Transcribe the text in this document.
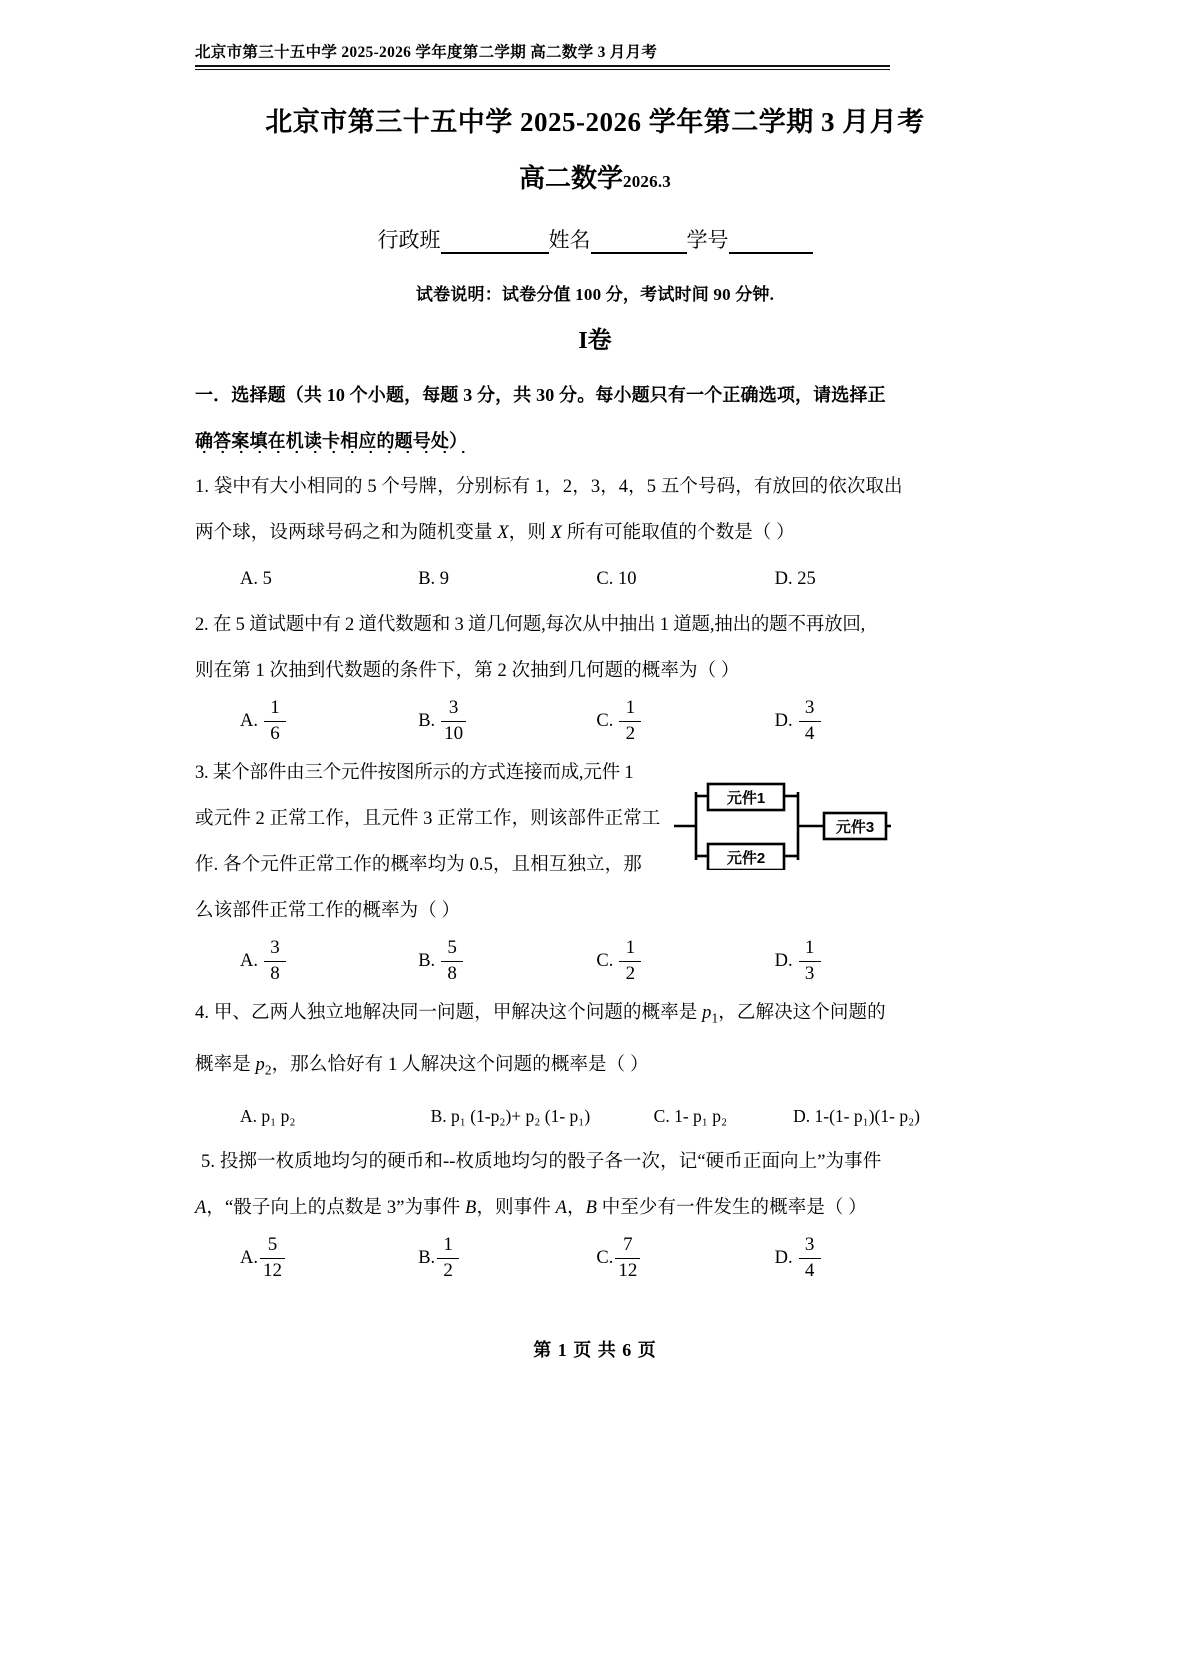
北京市第三十五中学 2025-2026 学年度第二学期 高二数学 3 月月考
北京市第三十五中学 2025-2026 学年第二学期 3 月月考
高二数学2026.3
行政班	姓名	学号
试卷说明：试卷分值 100 分，考试时间 90 分钟.
I卷
一．选择题（共 10 个小题，每题 3 分，共 30 分。每小题只有一个正确选项，请选择正
确答案填在机读卡相应的题号处）
1. 袋中有大小相同的 5 个号牌，分别标有 1，2，3，4，5 五个号码，有放回的依次取出
两个球，设两球号码之和为随机变量 X，则 X 所有可能取值的个数是（ ）
A. 5	B. 9	C. 10	D. 25
2. 在 5 道试题中有 2 道代数题和 3 道几何题,每次从中抽出 1 道题,抽出的题不再放回,
则在第 1 次抽到代数题的条件下，第 2 次抽到几何题的概率为（ ）
A. $\frac{1}{6}$	B. $\frac{3}{10}$	C. $\frac{1}{2}$	D. $\frac{3}{4}$
3. 某个部件由三个元件按图所示的方式连接而成,元件 1
或元件 2 正常工作，且元件 3 正常工作，则该部件正常工
作. 各个元件正常工作的概率均为 0.5，且相互独立，那
么该部件正常工作的概率为（ ）
A. $\frac{3}{8}$	B. $\frac{5}{8}$	C. $\frac{1}{2}$	D. $\frac{1}{3}$
4. 甲、乙两人独立地解决同一问题，甲解决这个问题的概率是 $p_1$，乙解决这个问题的
概率是 $p_2$，那么恰好有 1 人解决这个问题的概率是（ ）
A. p₁ p₂	B. p₁ (1-p₂)+ p₂ (1- p₁)	C. 1- p₁ p₂	D. 1-(1- p₁)(1- p₂)
5. 投掷一枚质地均匀的硬币和--枚质地均匀的骰子各一次，记“硬币正面向上”为事件
A，“骰子向上的点数是 3”为事件 B，则事件 A，B 中至少有一件发生的概率是（ ）
A. $\frac{5}{12}$	B. $\frac{1}{2}$	C. $\frac{7}{12}$	D. $\frac{3}{4}$
元件1
元件2
元件3
第 1 页 共 6 页
